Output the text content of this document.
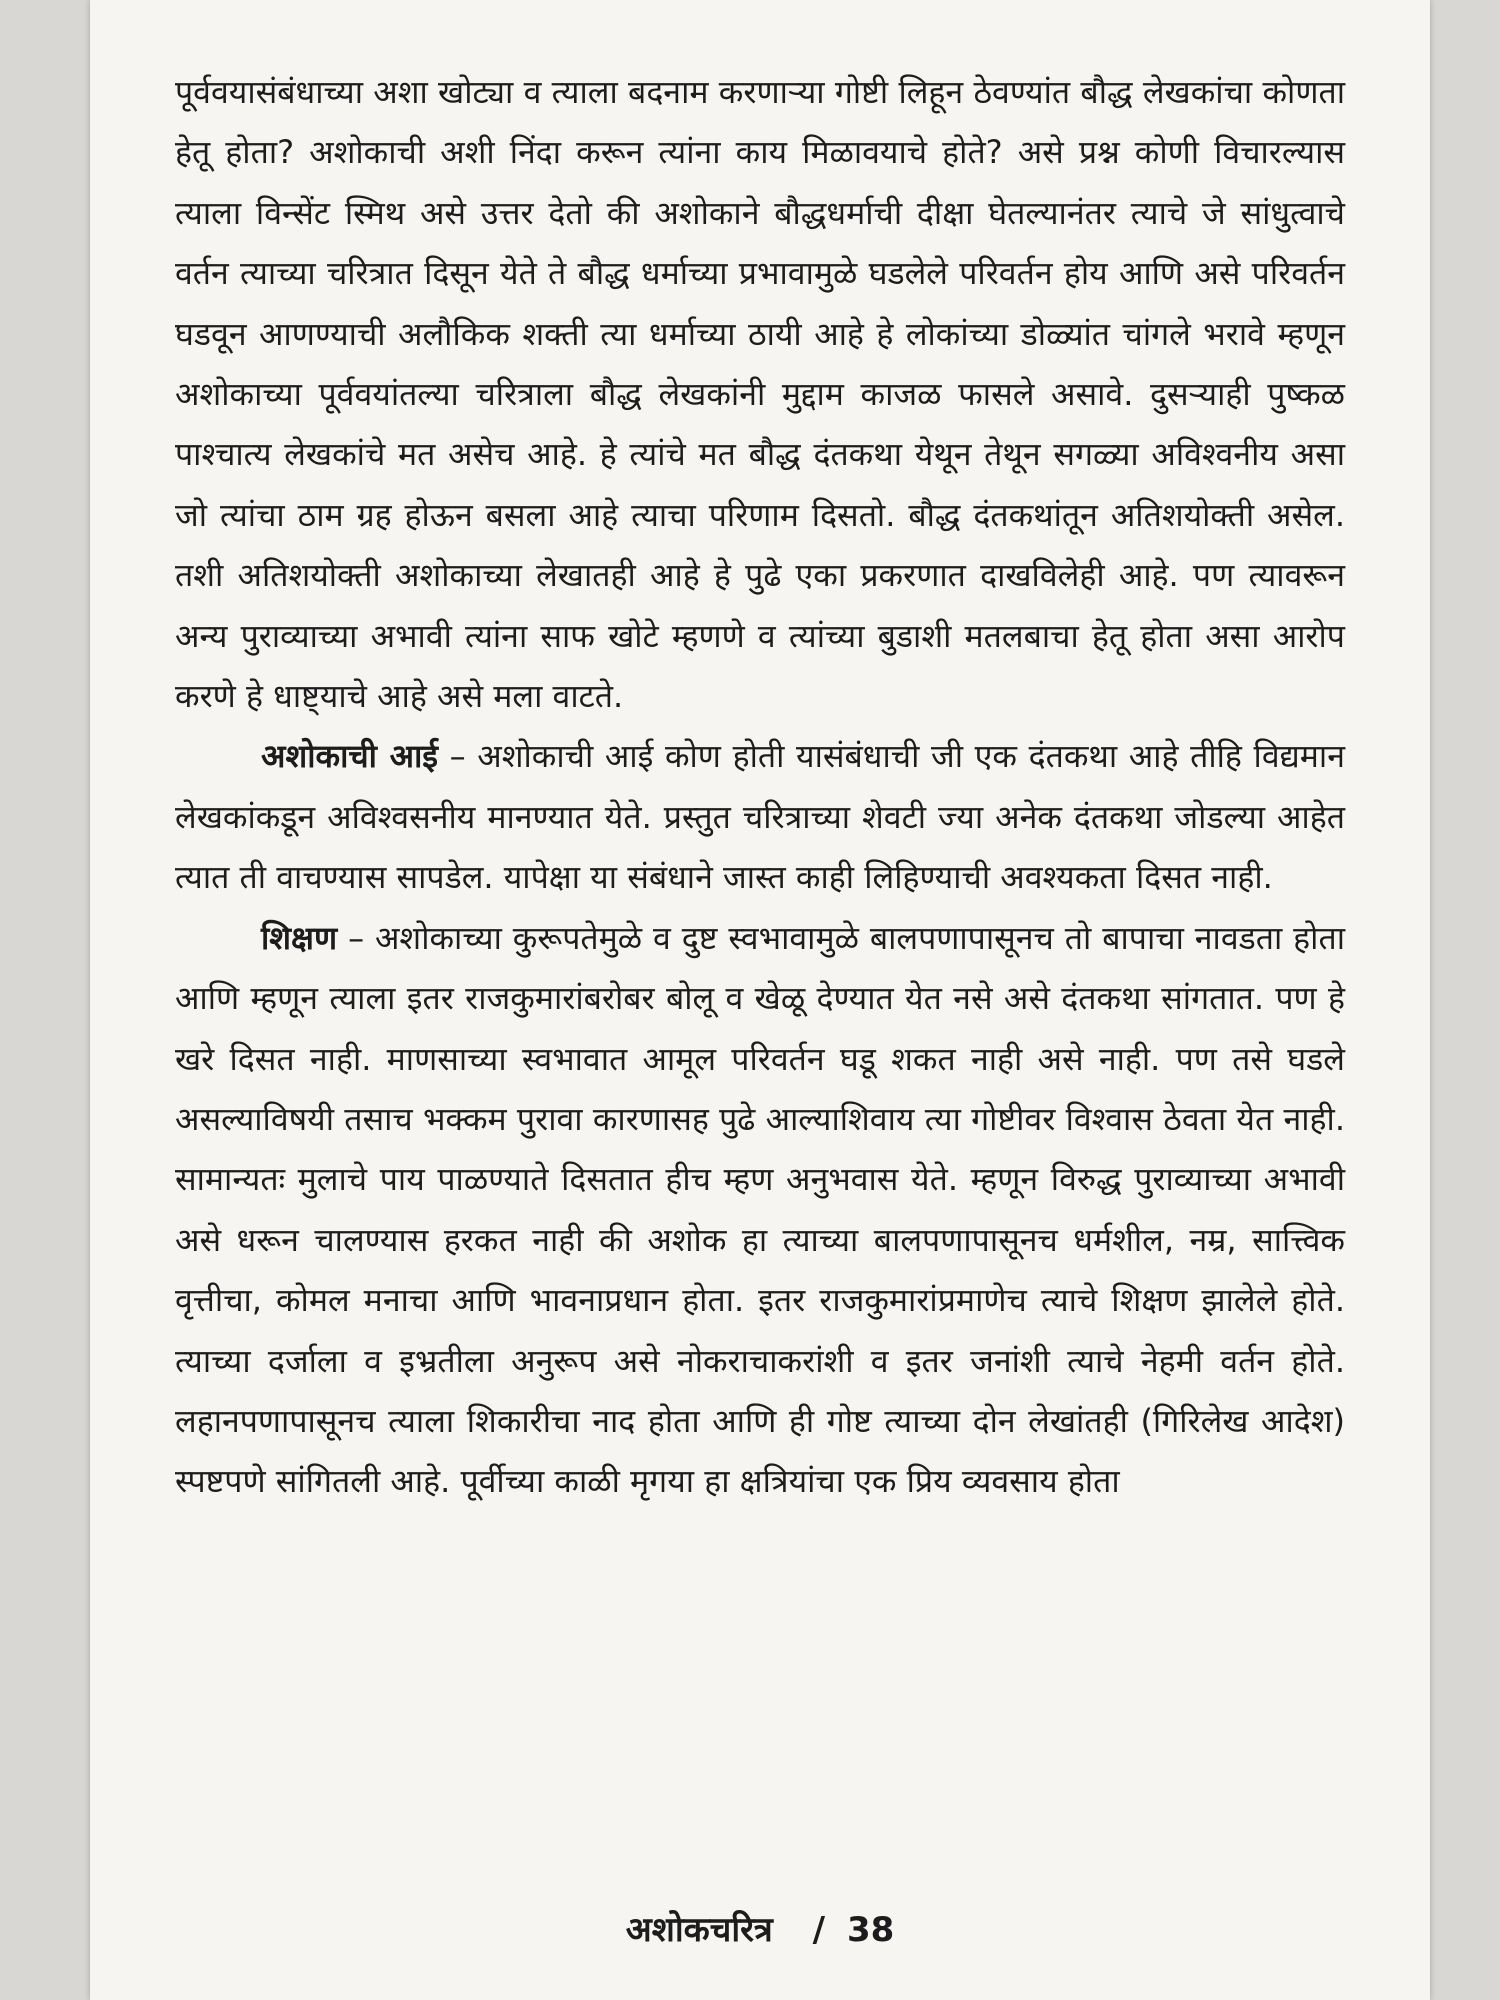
पूर्ववयासंबंधाच्या अशा खोट्या व त्याला बदनाम करणाऱ्या गोष्टी लिहून ठेवण्यांत बौद्ध लेखकांचा कोणता हेतू होता? अशोकाची अशी निंदा करून त्यांना काय मिळावयाचे होते? असे प्रश्न कोणी विचारल्यास त्याला विन्सेंट स्मिथ असे उत्तर देतो की अशोकाने बौद्धधर्माची दीक्षा घेतल्यानंतर त्याचे जे सांधुत्वाचे वर्तन त्याच्या चरित्रात दिसून येते ते बौद्ध धर्माच्या प्रभावामुळे घडलेले परिवर्तन होय आणि असे परिवर्तन घडवून आणण्याची अलौकिक शक्ती त्या धर्माच्या ठायी आहे हे लोकांच्या डोळ्यांत चांगले भरावे म्हणून अशोकाच्या पूर्ववयांतल्या चरित्राला बौद्ध लेखकांनी मुद्दाम काजळ फासले असावे. दुसऱ्याही पुष्कळ पाश्चात्य लेखकांचे मत असेच आहे. हे त्यांचे मत बौद्ध दंतकथा येथून तेथून सगळ्या अविश्वनीय असा जो त्यांचा ठाम ग्रह होऊन बसला आहे त्याचा परिणाम दिसतो. बौद्ध दंतकथांतून अतिशयोक्ती असेल. तशी अतिशयोक्ती अशोकाच्या लेखातही आहे हे पुढे एका प्रकरणात दाखविलेही आहे. पण त्यावरून अन्य पुराव्याच्या अभावी त्यांना साफ खोटे म्हणणे व त्यांच्या बुडाशी मतलबाचा हेतू होता असा आरोप करणे हे धाष्ट्याचे आहे असे मला वाटते.

अशोकाची आई – अशोकाची आई कोण होती यासंबंधाची जी एक दंतकथा आहे तीहि विद्यमान लेखकांकडून अविश्वसनीय मानण्यात येते. प्रस्तुत चरित्राच्या शेवटी ज्या अनेक दंतकथा जोडल्या आहेत त्यात ती वाचण्यास सापडेल. यापेक्षा या संबंधाने जास्त काही लिहिण्याची अवश्यकता दिसत नाही.

शिक्षण – अशोकाच्या कुरूपतेमुळे व दुष्ट स्वभावामुळे बालपणापासूनच तो बापाचा नावडता होता आणि म्हणून त्याला इतर राजकुमारांबरोबर बोलू व खेळू देण्यात येत नसे असे दंतकथा सांगतात. पण हे खरे दिसत नाही. माणसाच्या स्वभावात आमूल परिवर्तन घडू शकत नाही असे नाही. पण तसे घडले असल्याविषयी तसाच भक्कम पुरावा कारणासह पुढे आल्याशिवाय त्या गोष्टीवर विश्वास ठेवता येत नाही. सामान्यतः मुलाचे पाय पाळण्याते दिसतात हीच म्हण अनुभवास येते. म्हणून विरुद्ध पुराव्याच्या अभावी असे धरून चालण्यास हरकत नाही की अशोक हा त्याच्या बालपणापासूनच धर्मशील, नम्र, सात्त्विक वृत्तीचा, कोमल मनाचा आणि भावनाप्रधान होता. इतर राजकुमारांप्रमाणेच त्याचे शिक्षण झालेले होते. त्याच्या दर्जाला व इभ्रतीला अनुरूप असे नोकराचाकरांशी व इतर जनांशी त्याचे नेहमी वर्तन होते. लहानपणापासूनच त्याला शिकारीचा नाद होता आणि ही गोष्ट त्याच्या दोन लेखांतही (गिरिलेख आदेश) स्पष्टपणे सांगितली आहे. पूर्वीच्या काळी मृगया हा क्षत्रियांचा एक प्रिय व्यवसाय होता

अशोकचरित्र / 38
